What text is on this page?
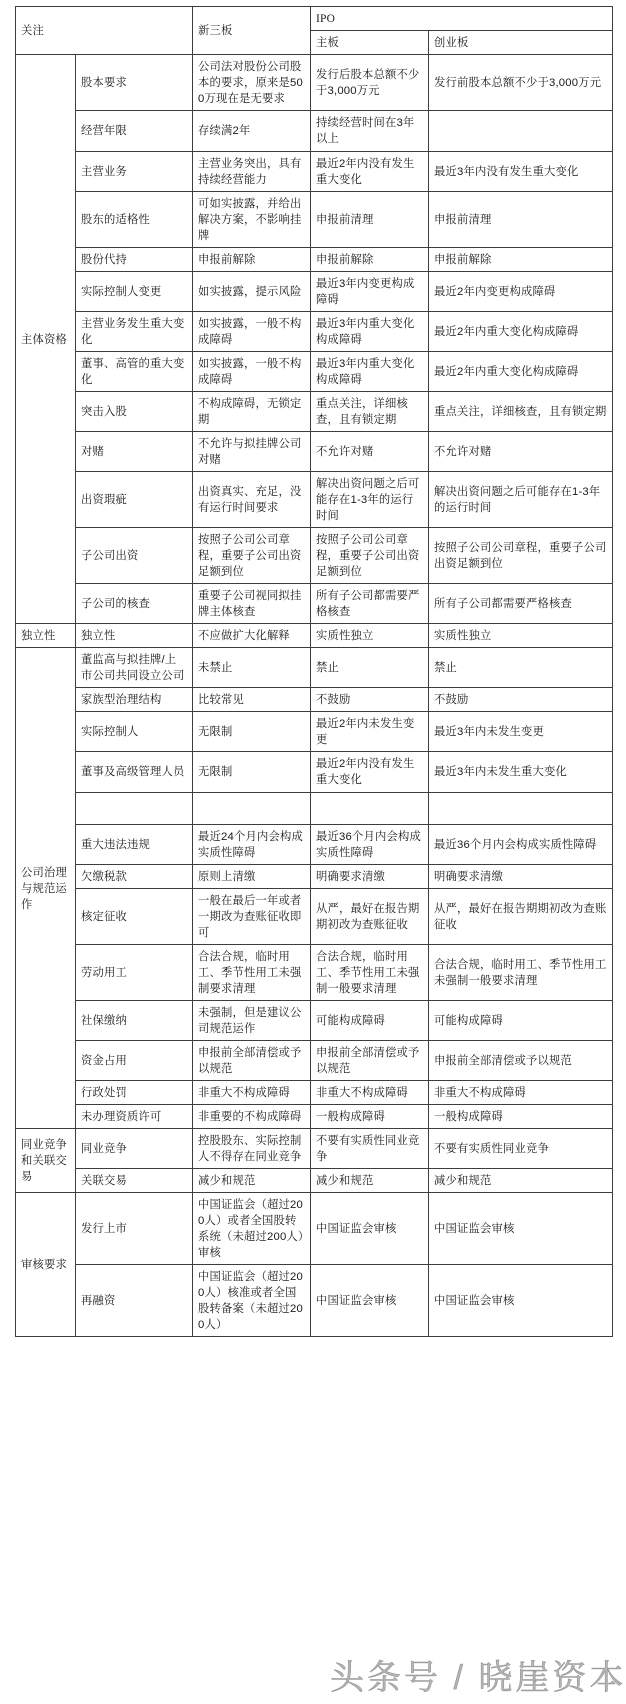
关注		新三板	IPO	
			主板	创业板
主体资格	股本要求	公司法对股份公司股本的要求，原来是500万现在是无要求	发行后股本总额不少于3,000万元	发行前股本总额不少于3,000万元
	经营年限	存续满2年	持续经营时间在3年以上	
	主营业务	主营业务突出，具有持续经营能力	最近2年内没有发生重大变化	最近3年内没有发生重大变化
	股东的适格性	可如实披露，并给出解决方案，不影响挂牌	申报前清理	申报前清理
	股份代持	申报前解除	申报前解除	申报前解除
	实际控制人变更	如实披露，提示风险	最近3年内变更构成障碍	最近2年内变更构成障碍
	主营业务发生重大变化	如实披露，一般不构成障碍	最近3年内重大变化构成障碍	最近2年内重大变化构成障碍
	董事、高管的重大变化	如实披露，一般不构成障碍	最近3年内重大变化构成障碍	最近2年内重大变化构成障碍
	突击入股	不构成障碍，无锁定期	重点关注，详细核查，且有锁定期	重点关注，详细核查，且有锁定期
	对赌	不允许与拟挂牌公司对赌	不允许对赌	不允许对赌
	出资瑕疵	出资真实、充足，没有运行时间要求	解决出资问题之后可能存在1-3年的运行时间	解决出资问题之后可能存在1-3年的运行时间
	子公司出资	按照子公司公司章程，重要子公司出资足额到位	按照子公司公司章程，重要子公司出资足额到位	按照子公司公司章程，重要子公司出资足额到位
	子公司的核查	重要子公司视同拟挂牌主体核查	所有子公司都需要严格核查	所有子公司都需要严格核查
独立性	独立性	不应做扩大化解释	实质性独立	实质性独立
公司治理与规范运作	董监高与拟挂牌/上市公司共同设立公司	未禁止	禁止	禁止
	家族型治理结构	比较常见	不鼓励	不鼓励
	实际控制人	无限制	最近2年内未发生变更	最近3年内未发生变更
	董事及高级管理人员	无限制	最近2年内没有发生重大变化	最近3年内未发生重大变化

	重大违法违规	最近24个月内会构成实质性障碍	最近36个月内会构成实质性障碍	最近36个月内会构成实质性障碍
	欠缴税款	原则上清缴	明确要求清缴	明确要求清缴
	核定征收	一般在最后一年或者一期改为查账征收即可	从严，最好在报告期期初改为查账征收	从严，最好在报告期期初改为查账征收
	劳动用工	合法合规，临时用工、季节性用工未强制要求清理	合法合规，临时用工、季节性用工未强制一般要求清理	合法合规，临时用工、季节性用工未强制一般要求清理
	社保缴纳	未强制，但是建议公司规范运作	可能构成障碍	可能构成障碍
	资金占用	申报前全部清偿或予以规范	申报前全部清偿或予以规范	申报前全部清偿或予以规范
	行政处罚	非重大不构成障碍	非重大不构成障碍	非重大不构成障碍
	未办理资质许可	非重要的不构成障碍	一般构成障碍	一般构成障碍
同业竞争和关联交易	同业竞争	控股股东、实际控制人不得存在同业竞争	不要有实质性同业竞争	不要有实质性同业竞争
	关联交易	减少和规范	减少和规范	减少和规范
审核要求	发行上市	中国证监会（超过200人）或者全国股转系统（未超过200人）审核	中国证监会审核	中国证监会审核
	再融资	中国证监会（超过200人）核准或者全国股转备案（未超过200人）	中国证监会审核	中国证监会审核
头条号 / 晓崖资本
